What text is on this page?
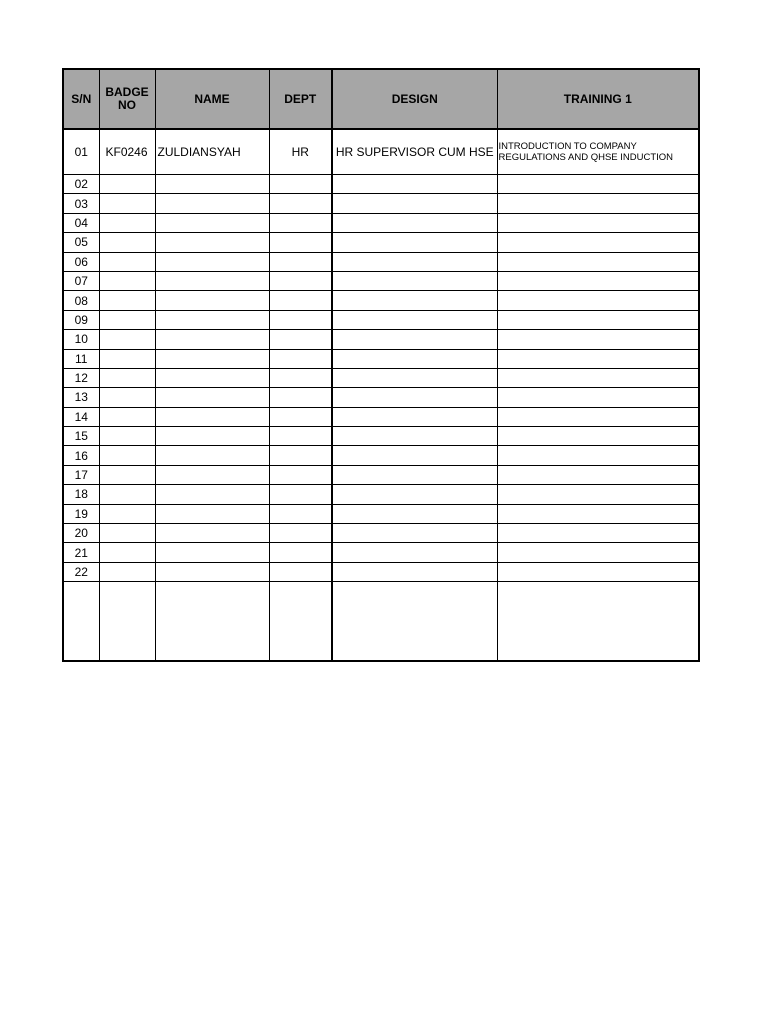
S/N	BADGE NO	NAME	DEPT	DESIGN	TRAINING 1
01	KF0246	ZULDIANSYAH	HR	HR SUPERVISOR CUM HSE	INTRODUCTION TO COMPANY REGULATIONS AND QHSE INDUCTION
02					
03					
04					
05					
06					
07					
08					
09					
10					
11					
12					
13					
14					
15					
16					
17					
18					
19					
20					
21					
22					
